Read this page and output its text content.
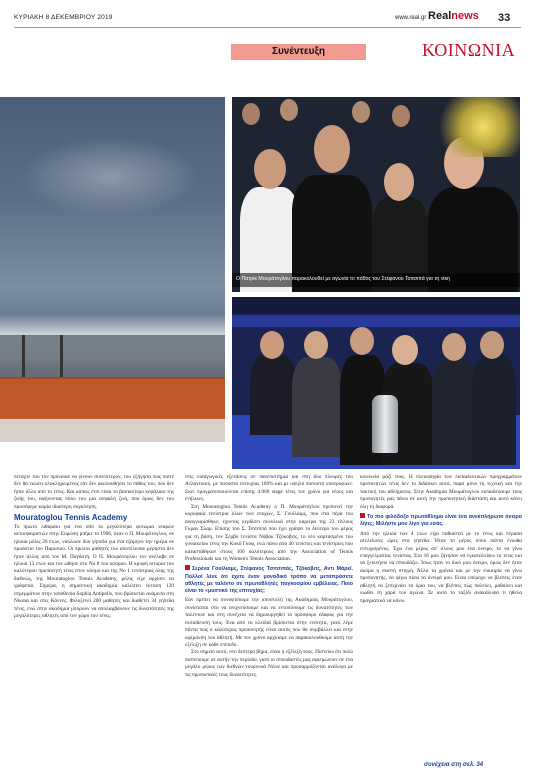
ΚΥΡΙΑΚΗ 8 ΔΕΚΕΜΒΡΙΟΥ 2019	www.real.gr Realnews 33
Συνέντευξη	ΚΟΙΝΩΝΙΑ
Ο Πατρίκ Μουράτογλου παρακολουθεί με αγωνία το πάθος του Στέφανου Τσιτσιπά για τη νίκη
πετάχτε του τον πρόνοιαν να γίνουν συνείπτερον, του εξήγησα πως πιστέ δεν θα νιώσει ολοκληρωμένος εάν δεν ακολουθήσει το πάθος του, που δεν ήταν άλλο από το τένις. Και κάπως έτσι είναι το βασικότερο κεφάλαιο της ζωής του, αφήνοντας πίσω του μια ασφαλή ζωή, που όμως δεν του προσέφερε καμία ιδιαίτερη συγκίνηση.
Mouratoglou Tennis Academy
Το πρώτο λιθαράκι για ένα από τα μεγαλύτερα φυτώρια νεαρών αντισφαιριστών στην Ευρώπη μπήκε το 1996, όταν ο Π. Μουράτογλου, σε ηλικία μόλις 26 ετών, ναύλωσε δύο γήπεδα για ένα εξάμηνο την ημέρα σε προάστιο του Παρισιού. Οι πρώτοι μαθητές του αποτέλεσαν μέρηστα δεν ήταν άλλος από τον Μ. Παγδατή. Ο Π. Μουράτογλου τον ανέλαβε σε ηλικία 13 ετών και τον ώθησε στο Νο 8 του κόσμου. Η κρυφή ιστορία του καλύτερου προπονητή τένις στον κόσμο και της Νο 1 τενίστριας όλης της διεθνώς, της Mouratoglou Tennis Academy, μόλις είχε αρχίσει να γράφεται. Σήμερα, η σημαντική ακαδημία καλύπτει έκταση 120 στρεμμάτων στην τοποθεσία Sophia Antipolis, που βρίσκεται ανάμεσα στη Νίκαια και στις Κάννες. Φιλοξενεί 200 μαθητές και διαθέτει 34 γήπεδα τένις, ενώ στην ακαδημία μπορούν να απολαμβάνουν τις δυνατότητές της μεγαλύτερες αθλητές από τον χώρο του τένις.
στις εισαγωγικές εξετάσεις σε πανεπιστήμια και στη δύο πλευρές του Ατλαντικού, με ποσοστό επιτυχίας 100% και με υψηλό ποσοστό υποτροφιών. Εκεί πραγματοποιούνται επίσης 4.000 stage τένις τον χρόνο για νέους και ενήλικες.
Στη Mouratoglou Tennis Academy ο Π. Μουράτογλου προπονεί την κορυφαία τενίστρια όλων των εποχών, Σ. Γουίλιαμς, που στα πέρα του αναγνωρίσθηκε, έχοντας κερδίσει συνολικά στην καριέρα της 23 τίτλους Γκραν Σλαμ. Επίσης του Σ. Τσιτσιπά που έχει γράψει το δεύτερο του μέρος για τη βάση, τον Σέρβο τενίστα Νόβακ Τζόκοβιτς, το νέο καρτασμένο του γυναικείου τένις την Κοκό Γκοφ, ενώ πάνω από 40 τενίστες και τενίστριες που καταστάθηκαν στους 100 καλύτερους από την Association of Tennis Professionals και τη Women's Tennis Association.
Σερένα Γουίλιαμς, Στέφανος Τσιτσιπάς, Τζόκοβιτς, Αντι Μάρεϊ. Πολλοί λένε ότι έχετε έναν μοναδικό τρόπο να μεταπράσετε αθλητές με ταλέντο σε πρωταθλητές παγκοσμίου εμβέλειας. Ποιο είναι το «μυστικό της επιτυχίας;
Εάν πρέπει να συνοψίσουμε την αποστολή της Ακαδημίας Μουράτογλου, συνίσταται στο να ανιχνεύσουμε και να εντοπίσουμε τις δυνατότητες των ταλέντων και στη συνέχεια να δημιουργηθεί το πρόσφορο έδαφος για την εκπαίδευσή τους. Ένα από τα κλειδιά βρίσκεται στην ενότητα, γιατί λέμε πάντα πως ο καλύτερος προπονητής είναι αυτός που θα συμβάλλει και στην ωρίμανση του αθλητή. Με τον χρόνο αρχίσαμε να παρακολουθούμε αυτή την εξέλιξη σε κάθε επίπεδο.
Στο σημείο αυτό, στο δεύτερο βήμα, είναι η εξέλιξη τους. Πιστεύω ότι πολύ πιστεύουμε σε αυτήν την περίοδο, γιατί οι σπουδαστές μας αφιερώνουν σε ένα μεγάλο μέρος των διεθνών τουρνουά Νέων και προσαρμόζονται ανάλογα με τις προσωπικές τους δυνατότητες.
κοινωνία μαζί τους. Η πλειοψηφία των εκπαιδευτικών προγραμμάτων προπονητών τένις δεν το διδάσκει αυτό, παρά μόνο τη τεχνική και την τακτική του αθλήματος. Στην Ακαδημία Μουράτογλου εκπαιδεύουμε τους προπονητές μας πάνω σε αυτή την προπονητική διάσταση και αυτό κάνει όλη τη διαφορά.
Το πιο φιλόδοξο πρωτάθλημα είναι ένα ανεκπλήρωτο όνειρο λίγες; Μιλήστε μου λίγο για εσάς.
Από την ηλικία των 4 ετών είχα παθιαστεί με το τένις και πέρασα ατελείωτες ώρες στα γήπεδα. Ήταν το μέρος όπου πάντα ένιωθα ευτυχισμένος. Έχω ένα μέρος απ' όλους μου ένα όνειρο, το να γίνω επαγγελματίας τενίστας. Στα 16 μου ζήτησαν να εγκαταλείψω το τένις και να ξεκινήσω να σπουδάζω. Ίσως ήταν το δικό μου όνειρο, όμως δεν ήταν ακόμα η σωστή στιγμή. Άλλα τα χρόνια και με την ευκαιρία να γίνω προπονητής, να φέρω πίσω τα όνειρά μου. Είναι υπέροχο να βλέπεις έναν αθλητή να ξεπερνάει τα όρια του, να βλέπεις πώς παλεύει, μαθαίνει και νιώθει τη χαρά του αγώνα. Σε αυτό το ταξίδι ανακάλυψα τι ήθελα πραγματικά να κάνω.
συνέχεια στη σελ. 34
